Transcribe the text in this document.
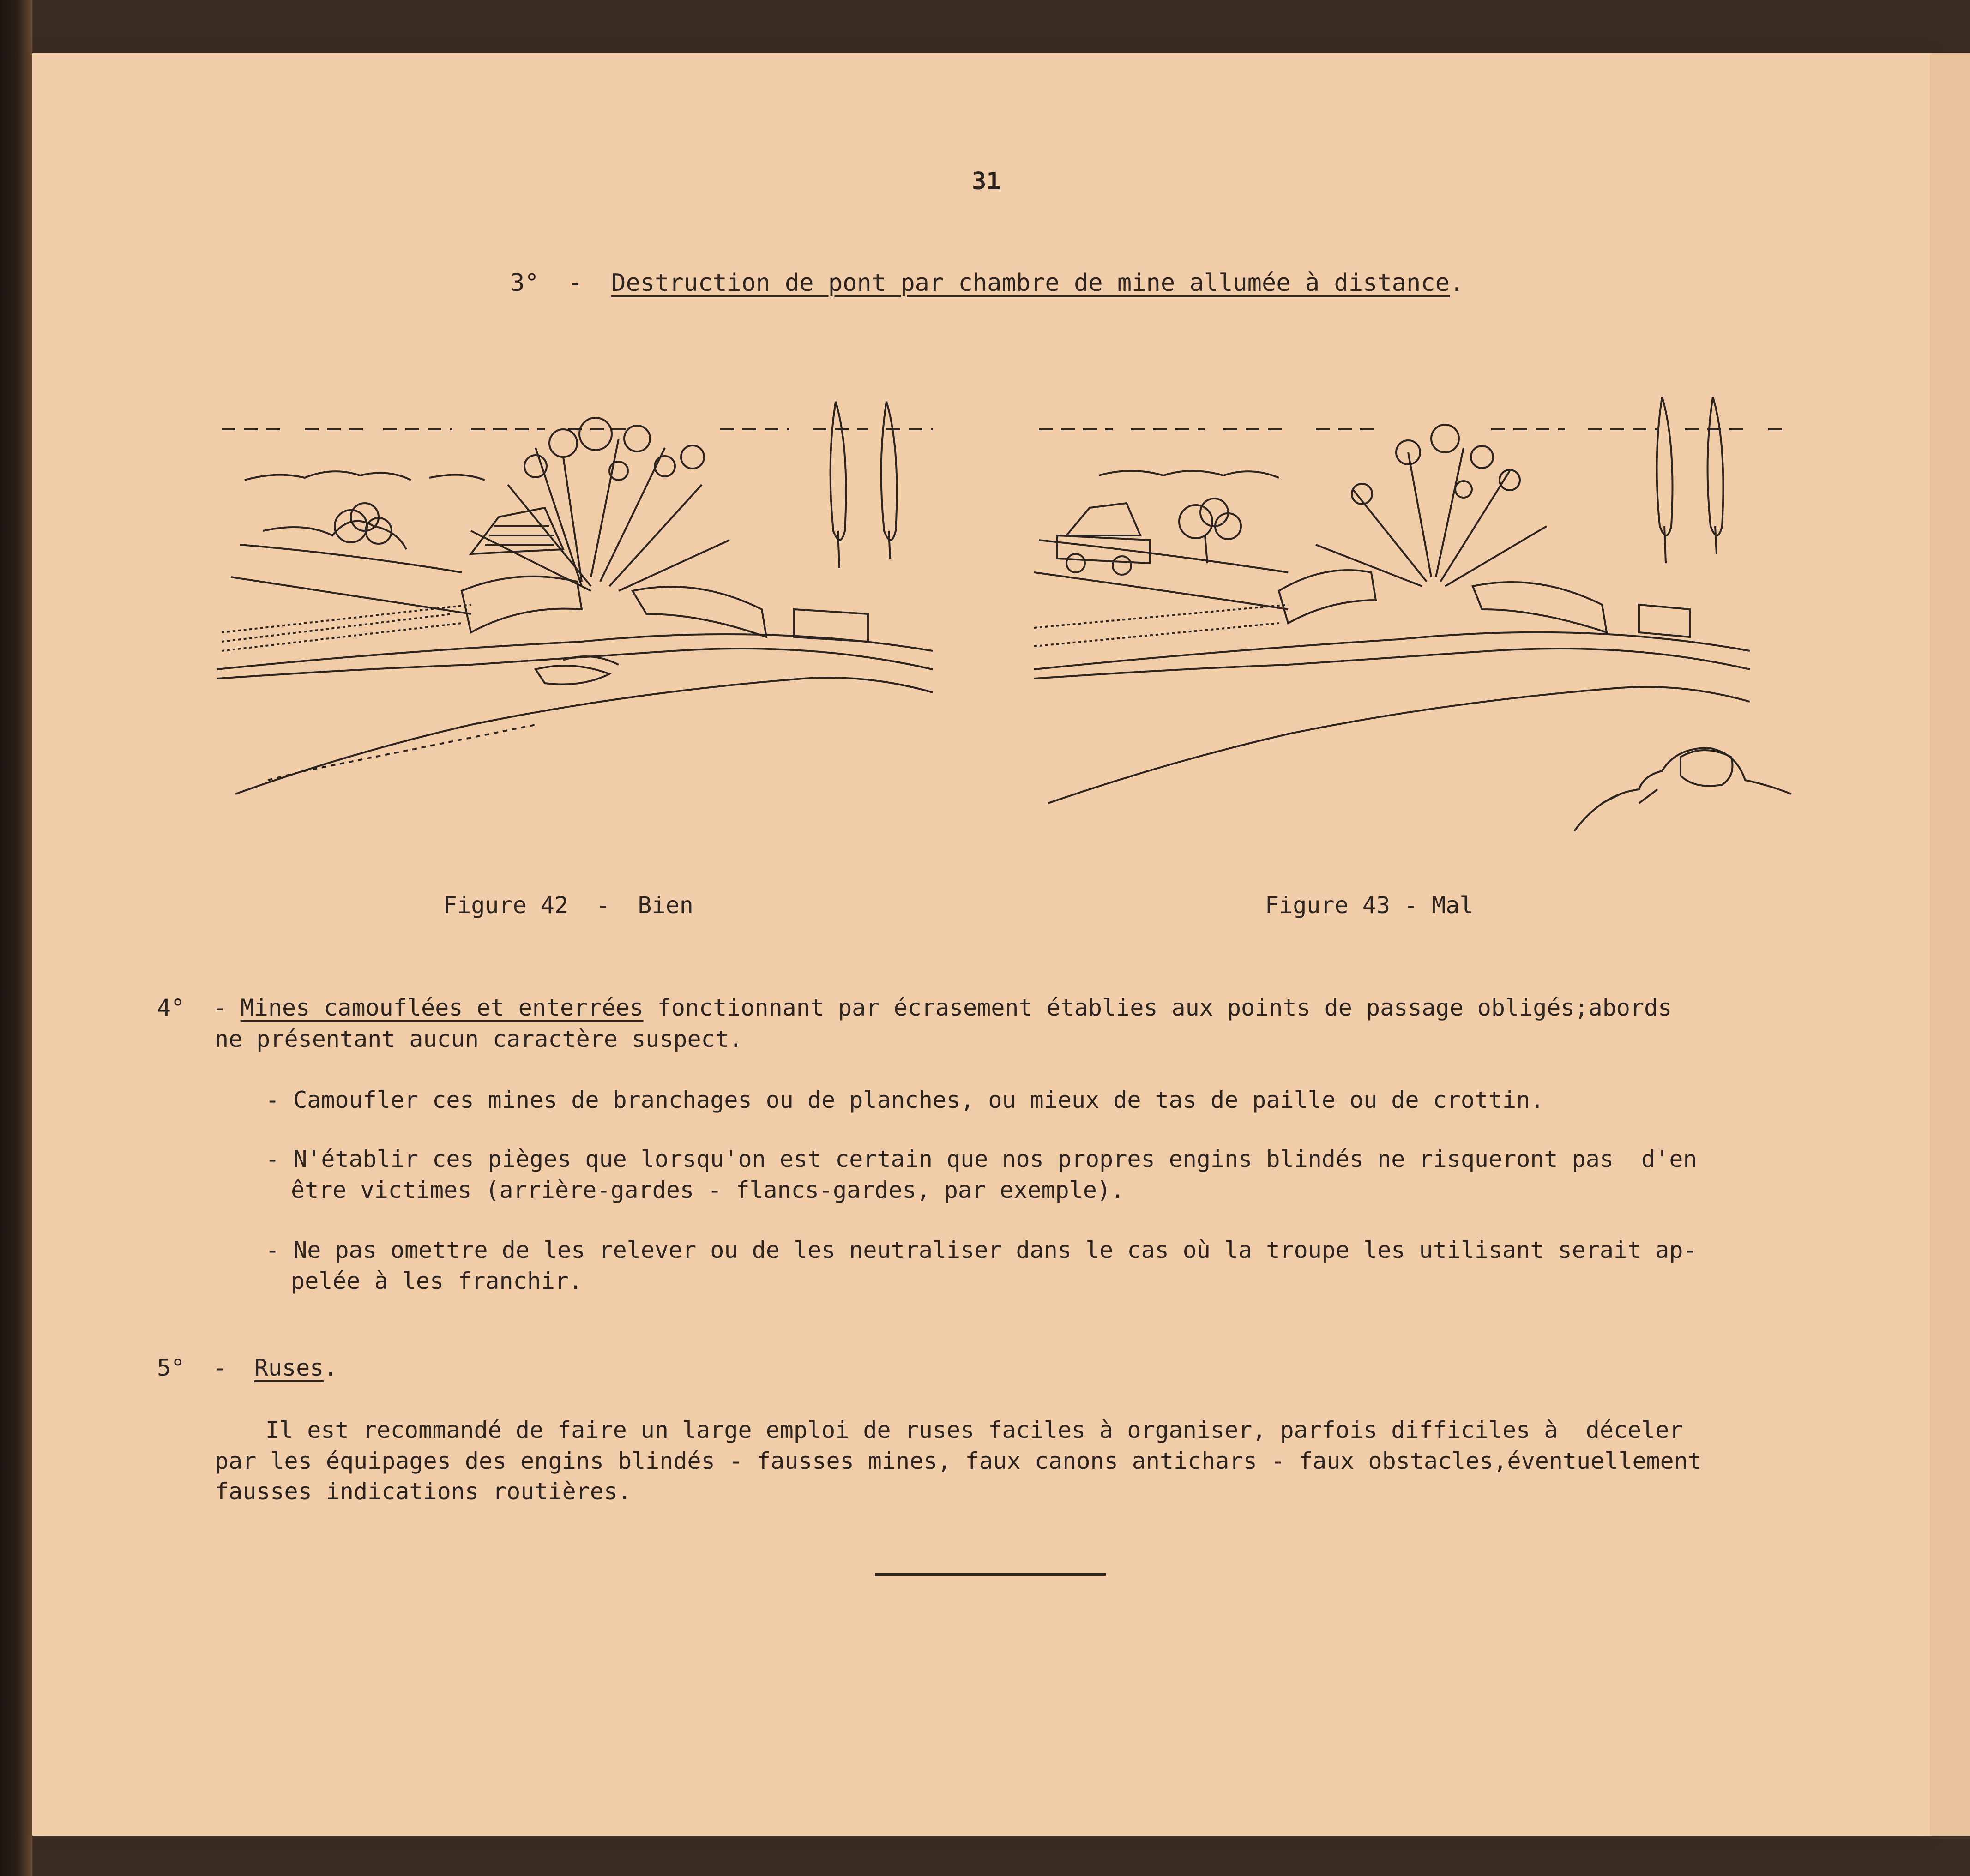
31
3° - Destruction de pont par chambre de mine allumée à distance.
Figure 42  -  Bien	Figure 43 - Mal
4° - Mines camouflées et enterrées fonctionnant par écrasement établies aux points de passage obligés;abords
ne présentant aucun caractère suspect.
- Camoufler ces mines de branchages ou de planches, ou mieux de tas de paille ou de crottin.
- N'établir ces pièges que lorsqu'on est certain que nos propres engins blindés ne risqueront pas  d'en
être victimes (arrière-gardes - flancs-gardes, par exemple).
- Ne pas omettre de les relever ou de les neutraliser dans le cas où la troupe les utilisant serait ap-
pelée à les franchir.
5° - Ruses.
Il est recommandé de faire un large emploi de ruses faciles à organiser, parfois difficiles à  déceler
par les équipages des engins blindés - fausses mines, faux canons antichars - faux obstacles,éventuellement
fausses indications routières.
